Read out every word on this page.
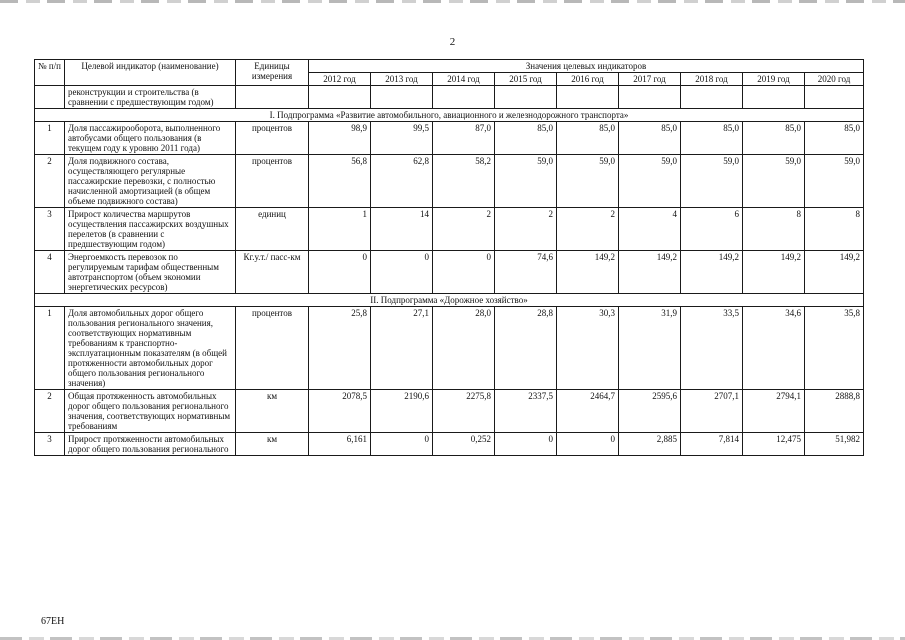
2
№ п/п	Целевой индикатор (наименование)	Единицы измерения	Значения целевых индикаторов								
			2012 год	2013 год	2014 год	2015 год	2016 год	2017 год	2018 год	2019 год	2020 год
	реконструкции и строительства (в сравнении с предшествующим годом)										
I. Подпрограмма «Развитие автомобильного, авиационного и железнодорожного транспорта»											
1	Доля пассажирооборота, выполненного автобусами общего пользования (в текущем году к уровню 2011 года)	процентов	98,9	99,5	87,0	85,0	85,0	85,0	85,0	85,0	85,0
2	Доля подвижного состава, осуществляющего регулярные пассажирские перевозки, с полностью начисленной амортизацией (в общем объеме подвижного состава)	процентов	56,8	62,8	58,2	59,0	59,0	59,0	59,0	59,0	59,0
3	Прирост количества маршрутов осуществления пассажирских воздушных перелетов (в сравнении с предшествующим годом)	единиц	1	14	2	2	2	4	6	8	8
4	Энергоемкость перевозок по регулируемым тарифам общественным автотранспортом (объем экономии энергетических ресурсов)	Кг.у.т./ пасс-км	0	0	0	74,6	149,2	149,2	149,2	149,2	149,2
II. Подпрограмма «Дорожное хозяйство»											
1	Доля автомобильных дорог общего пользования регионального значения, соответствующих нормативным требованиям к транспортно-эксплуатационным показателям (в общей протяженности автомобильных дорог общего пользования регионального значения)	процентов	25,8	27,1	28,0	28,8	30,3	31,9	33,5	34,6	35,8
2	Общая протяженность автомобильных дорог общего пользования регионального значения, соответствующих нормативным требованиям	км	2078,5	2190,6	2275,8	2337,5	2464,7	2595,6	2707,1	2794,1	2888,8
3	Прирост протяженности автомобильных дорог общего пользования регионального	км	6,161	0	0,252	0	0	2,885	7,814	12,475	51,982
67ЕН
